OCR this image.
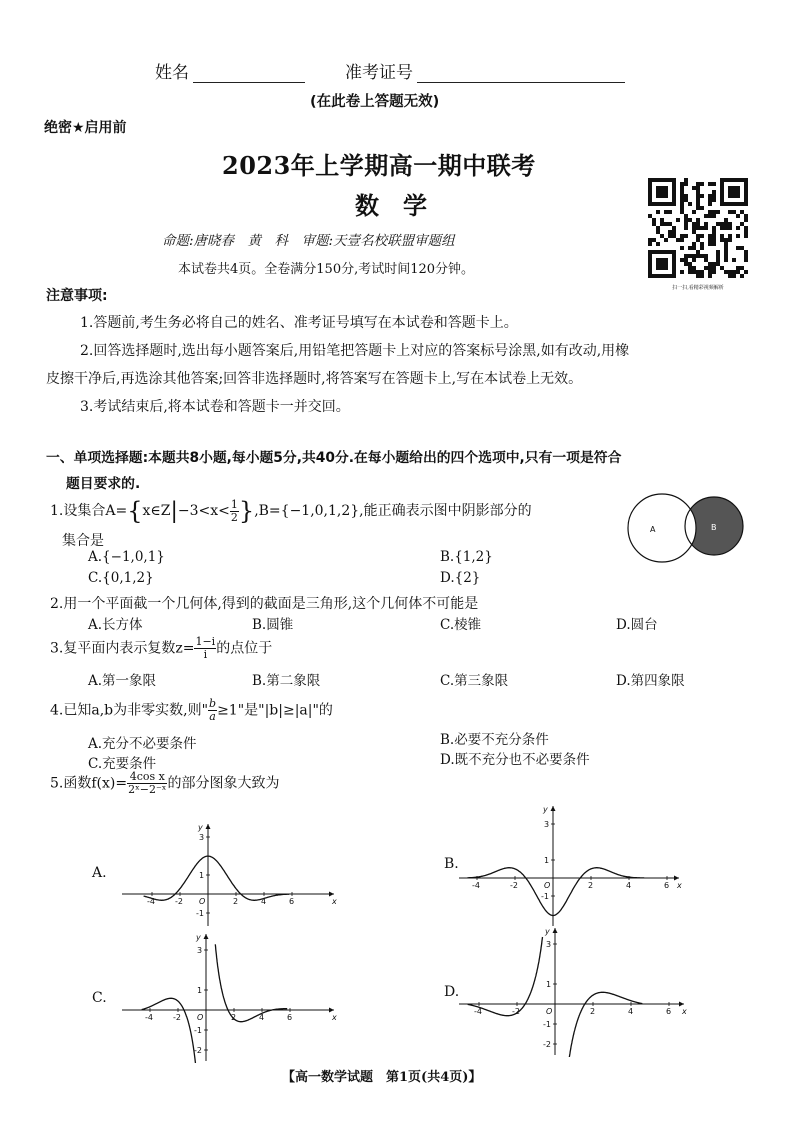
姓名	准考证号
(在此卷上答题无效)
绝密★启用前
2023年上学期高一期中联考
数　学
命题:唐晓春　黄　科　审题:天壹名校联盟审题组
本试卷共4页。全卷满分150分,考试时间120分钟。
扫一扫,看精彩视频解析
注意事项:
1.答题前,考生务必将自己的姓名、准考证号填写在本试卷和答题卡上。
2.回答选择题时,选出每小题答案后,用铅笔把答题卡上对应的答案标号涂黑,如有改动,用橡
皮擦干净后,再选涂其他答案;回答非选择题时,将答案写在答题卡上,写在本试卷上无效。
3.考试结束后,将本试卷和答题卡一并交回。
一、单项选择题:本题共8小题,每小题5分,共40分.在每小题给出的四个选项中,只有一项是符合
题目要求的.
1.设集合A={x∈Z|−3<x< $\frac{1}{2} \},B=\{-1,0,1,2\}$,能正确表示图中阴影部分的
集合是
A.{−1,0,1}	B.{1,2}
C.{0,1,2}	D.{2}
A	B
2.用一个平面截一个几何体,得到的截面是三角形,这个几何体不可能是
A.长方体	B.圆锥	C.棱锥	D.圆台
3.复平面内表示复数$z= \frac{1-i}{i}$ 的点位于
A.第一象限	B.第二象限	C.第三象限	D.第四象限
4.已知a,b为非零实数,则" $\frac{b}{a} \ge 1$"是"|b|≥|a|"的
A.充分不必要条件	B.必要不充分条件
C.充要条件	D.既不充分也不必要条件
5.函数$f(x)= \frac{\text{4cos x}}{\text{2ˣ−2⁻ˣ}}$ 的部分图象大致为
A.
B.
C.	D.
x
y
O
-4	-2	2	4	6
3
1
-1
x
y
O
-4	-2	2	4	6
3
1
-1
x
y
O
-4	-2	2	4	6
3
1
-1
-2
x
y
O
-4	-2	2	4	6
3
1
-1
-2
【高一数学试题　第1页(共4页)】
